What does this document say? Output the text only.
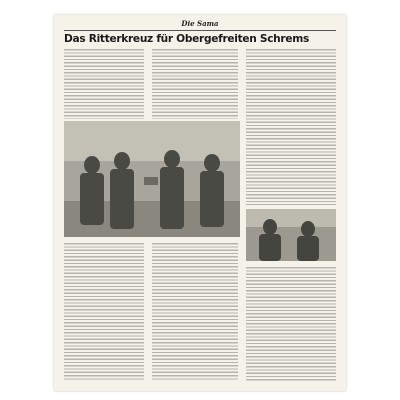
Die Sama
Das Ritterkreuz für Obergefreiten Schrems
